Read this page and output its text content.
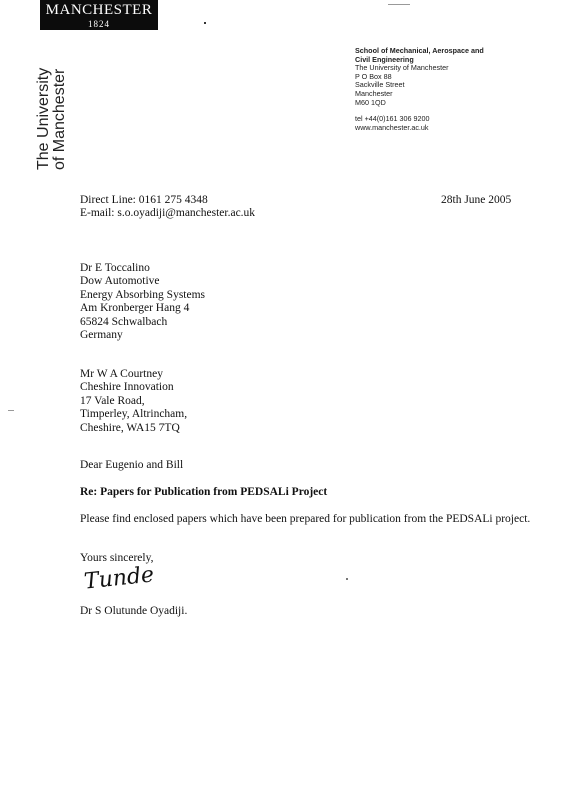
MANCHESTER
1824
The University of Manchester
School of Mechanical, Aerospace and
Civil Engineering
The University of Manchester
P O Box 88
Sackville Street
Manchester
M60 1QD
tel +44(0)161 306 9200
www.manchester.ac.uk
Direct Line: 0161 275 4348
E-mail: s.o.oyadiji@manchester.ac.uk
28th June 2005
Dr E Toccalino
Dow Automotive
Energy Absorbing Systems
Am Kronberger Hang 4
65824 Schwalbach
Germany
Mr W A Courtney
Cheshire Innovation
17 Vale Road,
Timperley, Altrincham,
Cheshire, WA15 7TQ
Dear Eugenio and Bill
Re: Papers for Publication from PEDSALi Project
Please find enclosed papers which have been prepared for publication from the PEDSALi project.
Yours sincerely,
Tunde
Dr S Olutunde Oyadiji.
